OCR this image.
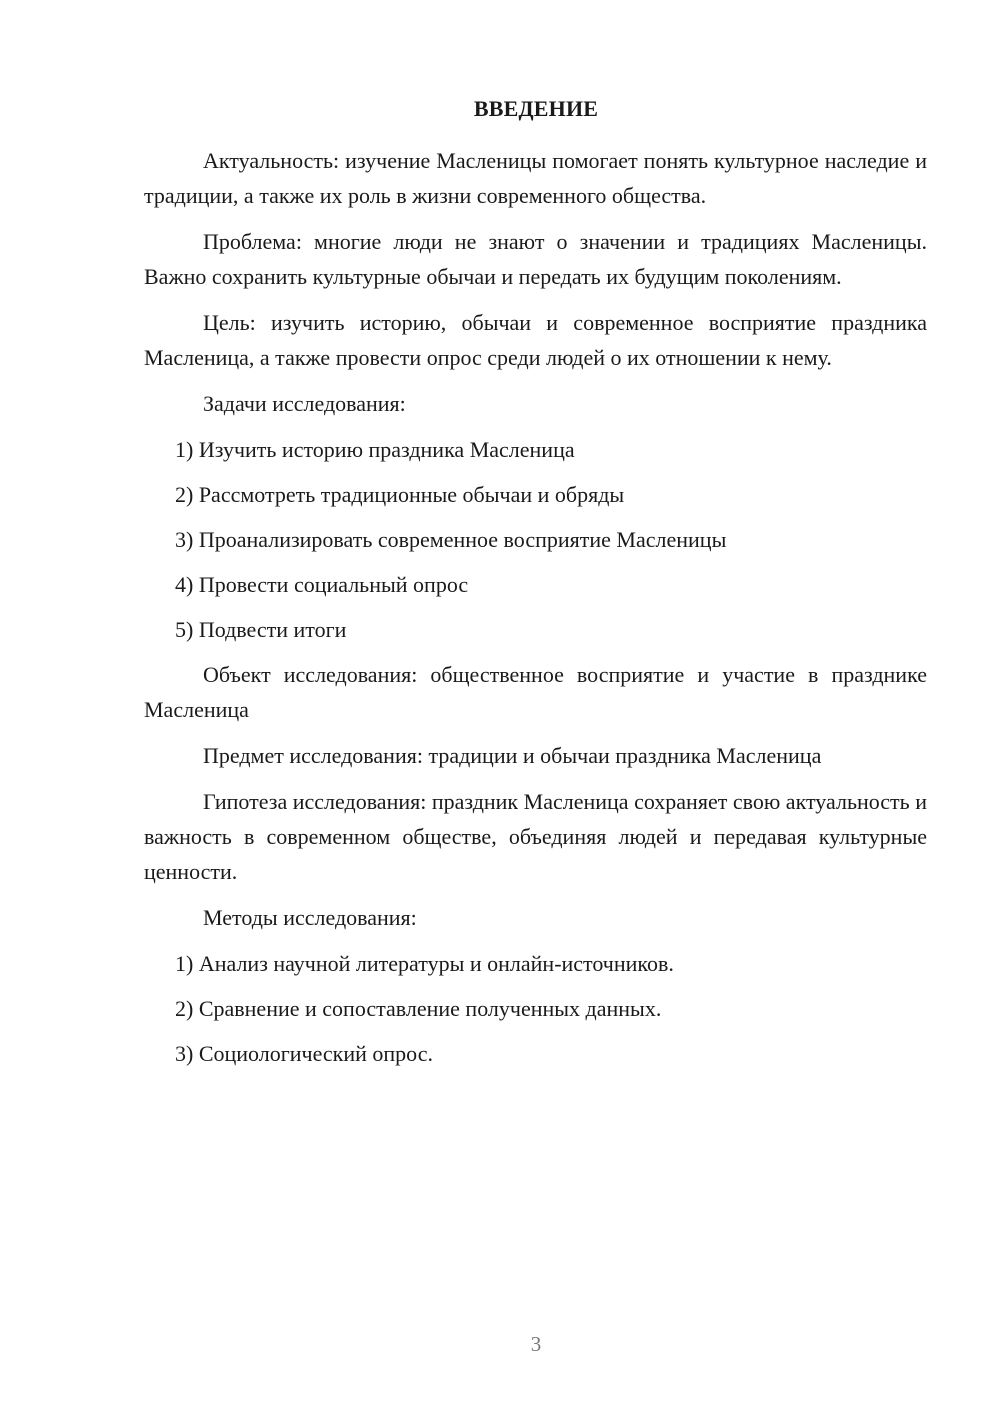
ВВЕДЕНИЕ

Актуальность: изучение Масленицы помогает понять культурное наследие и традиции, а также их роль в жизни современного общества.

Проблема: многие люди не знают о значении и традициях Масленицы. Важно сохранить культурные обычаи и передать их будущим поколениям.

Цель: изучить историю, обычаи и современное восприятие праздника Масленица, а также провести опрос среди людей о их отношении к нему.

Задачи исследования:

1) Изучить историю праздника Масленица

2) Рассмотреть традиционные обычаи и обряды

3) Проанализировать современное восприятие Масленицы

4) Провести социальный опрос

5) Подвести итоги

Объект исследования: общественное восприятие и участие в празднике Масленица

Предмет исследования: традиции и обычаи праздника Масленица

Гипотеза исследования: праздник Масленица сохраняет свою актуальность и важность в современном обществе, объединяя людей и передавая культурные ценности.

Методы исследования:

1) Анализ научной литературы и онлайн-источников.

2) Сравнение и сопоставление полученных данных.

3) Социологический опрос.

3
